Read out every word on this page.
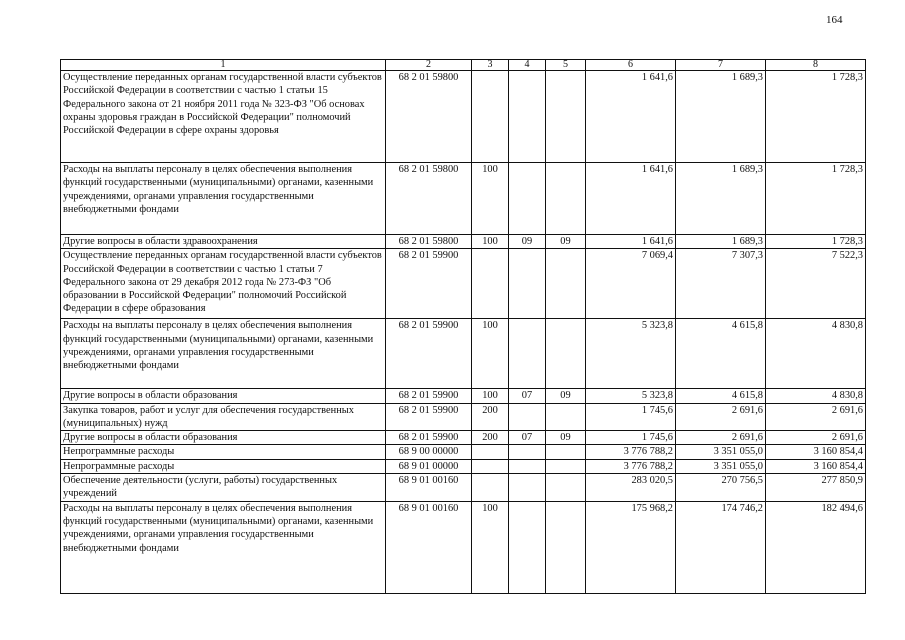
164
1	2	3	4	5	6	7	8
Осуществление переданных органам государственной власти субъектов Российской Федерации в соответствии с частью 1 статьи 15 Федерального закона от 21 ноября 2011 года № 323-ФЗ "Об основах охраны здоровья граждан в Российской Федерации" полномочий Российской Федерации в сфере охраны здоровья	68 2 01 59800				1 641,6	1 689,3	1 728,3
Расходы на выплаты персоналу в целях обеспечения выполнения функций государственными (муниципальными) органами, казенными учреждениями, органами управления государственными внебюджетными фондами	68 2 01 59800	100			1 641,6	1 689,3	1 728,3
Другие вопросы в области здравоохранения	68 2 01 59800	100	09	09	1 641,6	1 689,3	1 728,3
Осуществление переданных органам государственной власти субъектов Российской Федерации в соответствии с частью 1 статьи 7 Федерального закона от 29 декабря 2012 года № 273-ФЗ "Об образовании в Российской Федерации" полномочий Российской Федерации в сфере образования	68 2 01 59900				7 069,4	7 307,3	7 522,3
Расходы на выплаты персоналу в целях обеспечения выполнения функций государственными (муниципальными) органами, казенными учреждениями, органами управления государственными внебюджетными фондами	68 2 01 59900	100			5 323,8	4 615,8	4 830,8
Другие вопросы в области образования	68 2 01 59900	100	07	09	5 323,8	4 615,8	4 830,8
Закупка товаров, работ и услуг для обеспечения государственных (муниципальных) нужд	68 2 01 59900	200			1 745,6	2 691,6	2 691,6
Другие вопросы в области образования	68 2 01 59900	200	07	09	1 745,6	2 691,6	2 691,6
Непрограммные расходы	68 9 00 00000				3 776 788,2	3 351 055,0	3 160 854,4
Непрограммные расходы	68 9 01 00000				3 776 788,2	3 351 055,0	3 160 854,4
Обеспечение деятельности (услуги, работы) государственных учреждений	68 9 01 00160				283 020,5	270 756,5	277 850,9
Расходы на выплаты персоналу в целях обеспечения выполнения функций государственными (муниципальными) органами, казенными учреждениями, органами управления государственными внебюджетными фондами	68 9 01 00160	100			175 968,2	174 746,2	182 494,6
